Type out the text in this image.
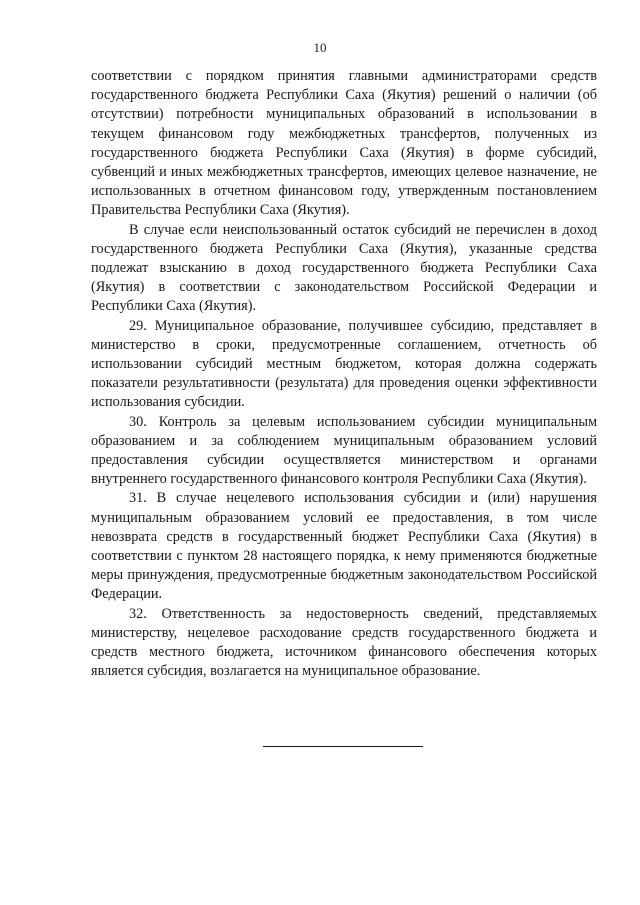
10

соответствии с порядком принятия главными администраторами средств государственного бюджета Республики Саха (Якутия) решений о наличии (об отсутствии) потребности муниципальных образований в использовании в текущем финансовом году межбюджетных трансфертов, полученных из государственного бюджета Республики Саха (Якутия) в форме субсидий, субвенций и иных межбюджетных трансфертов, имеющих целевое назначение, не использованных в отчетном финансовом году, утвержденным постановлением Правительства Республики Саха (Якутия).

В случае если неиспользованный остаток субсидий не перечислен в доход государственного бюджета Республики Саха (Якутия), указанные средства подлежат взысканию в доход государственного бюджета Республики Саха (Якутия) в соответствии с законодательством Российской Федерации и Республики Саха (Якутия).

29. Муниципальное образование, получившее субсидию, представляет в министерство в сроки, предусмотренные соглашением, отчетность об использовании субсидий местным бюджетом, которая должна содержать показатели результативности (результата) для проведения оценки эффективности использования субсидии.

30. Контроль за целевым использованием субсидии муниципальным образованием и за соблюдением муниципальным образованием условий предоставления субсидии осуществляется министерством и органами внутреннего государственного финансового контроля Республики Саха (Якутия).

31. В случае нецелевого использования субсидии и (или) нарушения муниципальным образованием условий ее предоставления, в том числе невозврата средств в государственный бюджет Республики Саха (Якутия) в соответствии с пунктом 28 настоящего порядка, к нему применяются бюджетные меры принуждения, предусмотренные бюджетным законодательством Российской Федерации.

32. Ответственность за недостоверность сведений, представляемых министерству, нецелевое расходование средств государственного бюджета и средств местного бюджета, источником финансового обеспечения которых является субсидия, возлагается на муниципальное образование.
